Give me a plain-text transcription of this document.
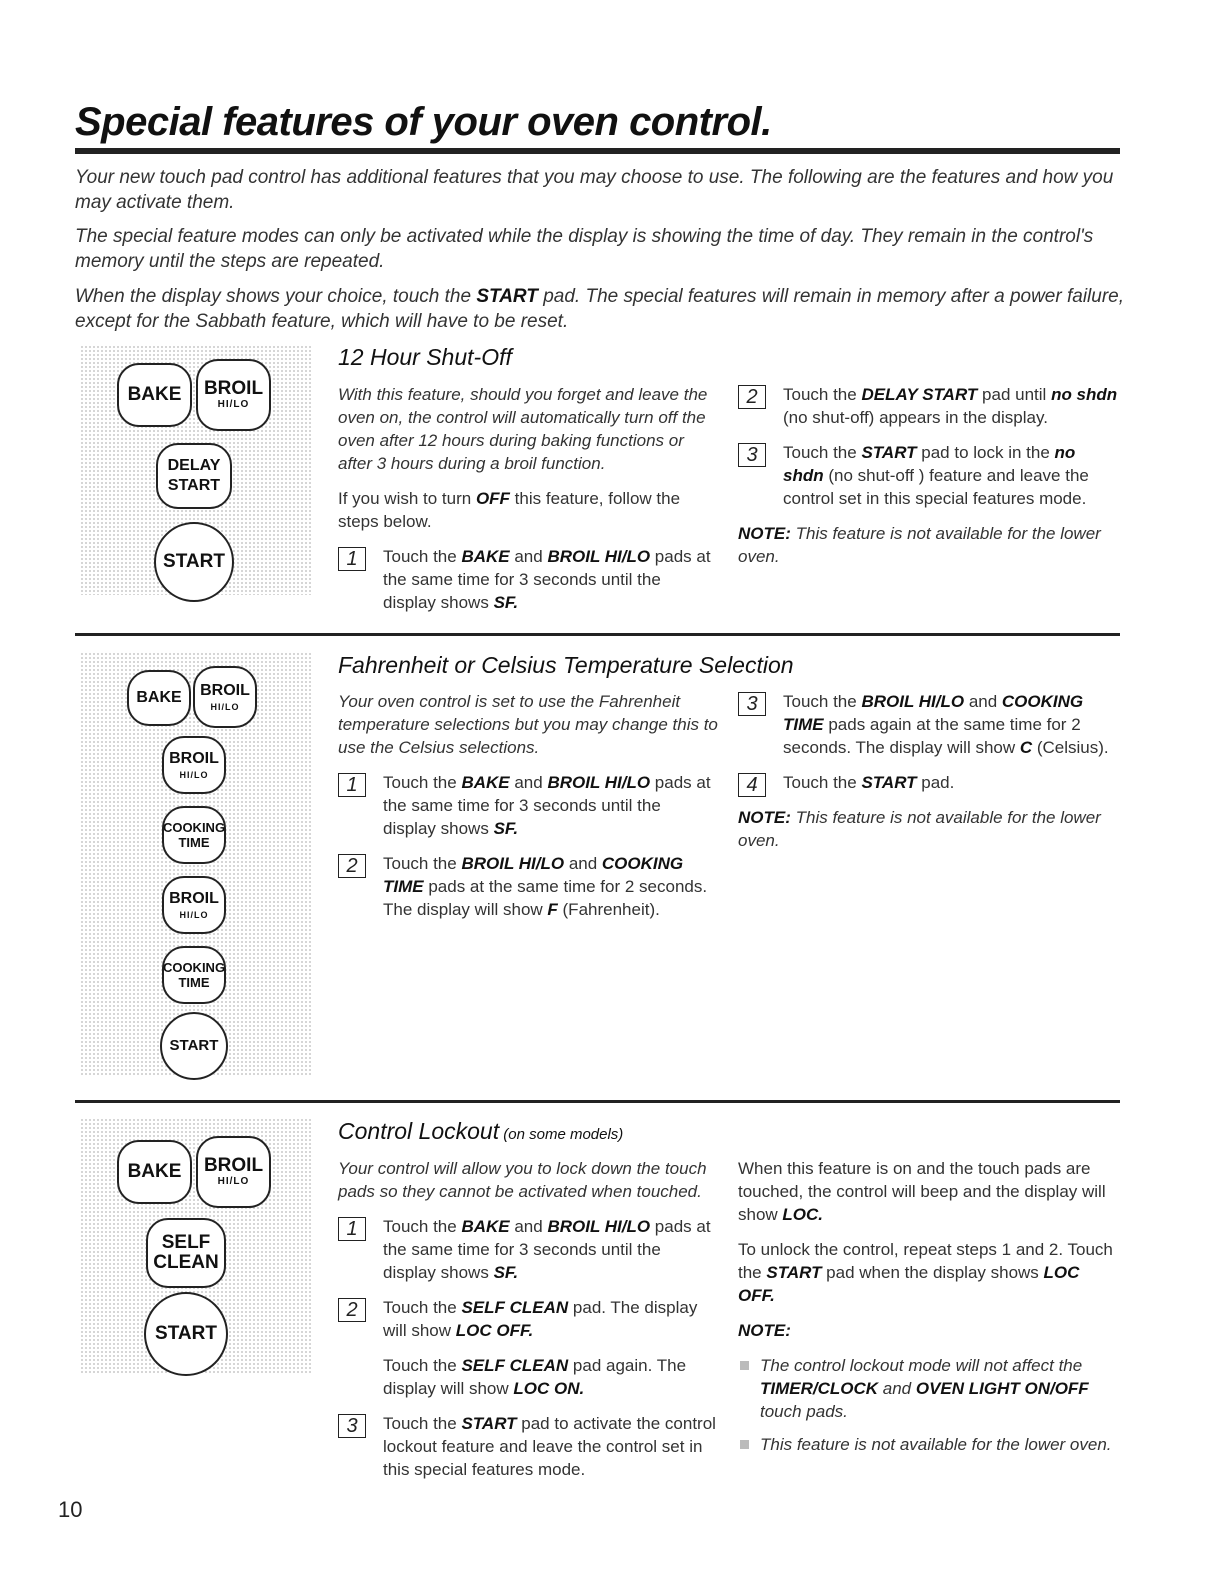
Special features of your oven control.
Your new touch pad control has additional features that you may choose to use. The following are the features and how you may activate them.
The special feature modes can only be activated while the display is showing the time of day. They remain in the control's memory until the steps are repeated.
When the display shows your choice, touch the START pad. The special features will remain in memory after a power failure, except for the Sabbath feature, which will have to be reset.
BAKE BROIL
HI/LO
DELAY
START
START
12 Hour Shut-Off

With this feature, should you forget and leave the oven on, the control will automatically turn off the oven after 12 hours during baking functions or after 3 hours during a broil function.

If you wish to turn OFF this feature, follow the steps below.

1	Touch the BAKE and BROIL HI/LO pads at the same time for 3 seconds until the display shows SF.
2	Touch the DELAY START pad until no shdn (no shut-off) appears in the display.
3	Touch the START pad to lock in the no shdn (no shut-off ) feature and leave the control set in this special features mode.

NOTE: This feature is not available for the lower oven.

BAKE BROIL
HI/LO
BROIL
HI/LO
COOKING
TIME
BROIL
HI/LO
COOKING
TIME
START
Fahrenheit or Celsius Temperature Selection

Your oven control is set to use the Fahrenheit temperature selections but you may change this to use the Celsius selections.

1	Touch the BAKE and BROIL HI/LO pads at the same time for 3 seconds until the display shows SF.
2	Touch the BROIL HI/LO and COOKING TIME pads at the same time for 2 seconds. The display will show F (Fahrenheit).
3	Touch the BROIL HI/LO and COOKING TIME pads again at the same time for 2 seconds. The display will show C (Celsius).
4	Touch the START pad.

NOTE: This feature is not available for the lower oven.

BAKE BROIL
HI/LO
SELF
CLEAN
START
Control Lockout (on some models)

Your control will allow you to lock down the touch pads so they cannot be activated when touched.

1	Touch the BAKE and BROIL HI/LO pads at the same time for 3 seconds until the display shows SF.
2	Touch the SELF CLEAN pad. The display will show LOC OFF.
Touch the SELF CLEAN pad again. The display will show LOC ON.
3	Touch the START pad to activate the control lockout feature and leave the control set in this special features mode.

When this feature is on and the touch pads are touched, the control will beep and the display will show LOC.

To unlock the control, repeat steps 1 and 2. Touch the START pad when the display shows LOC OFF.

NOTE:

The control lockout mode will not affect the TIMER/CLOCK and OVEN LIGHT ON/OFF touch pads.
This feature is not available for the lower oven.
10
